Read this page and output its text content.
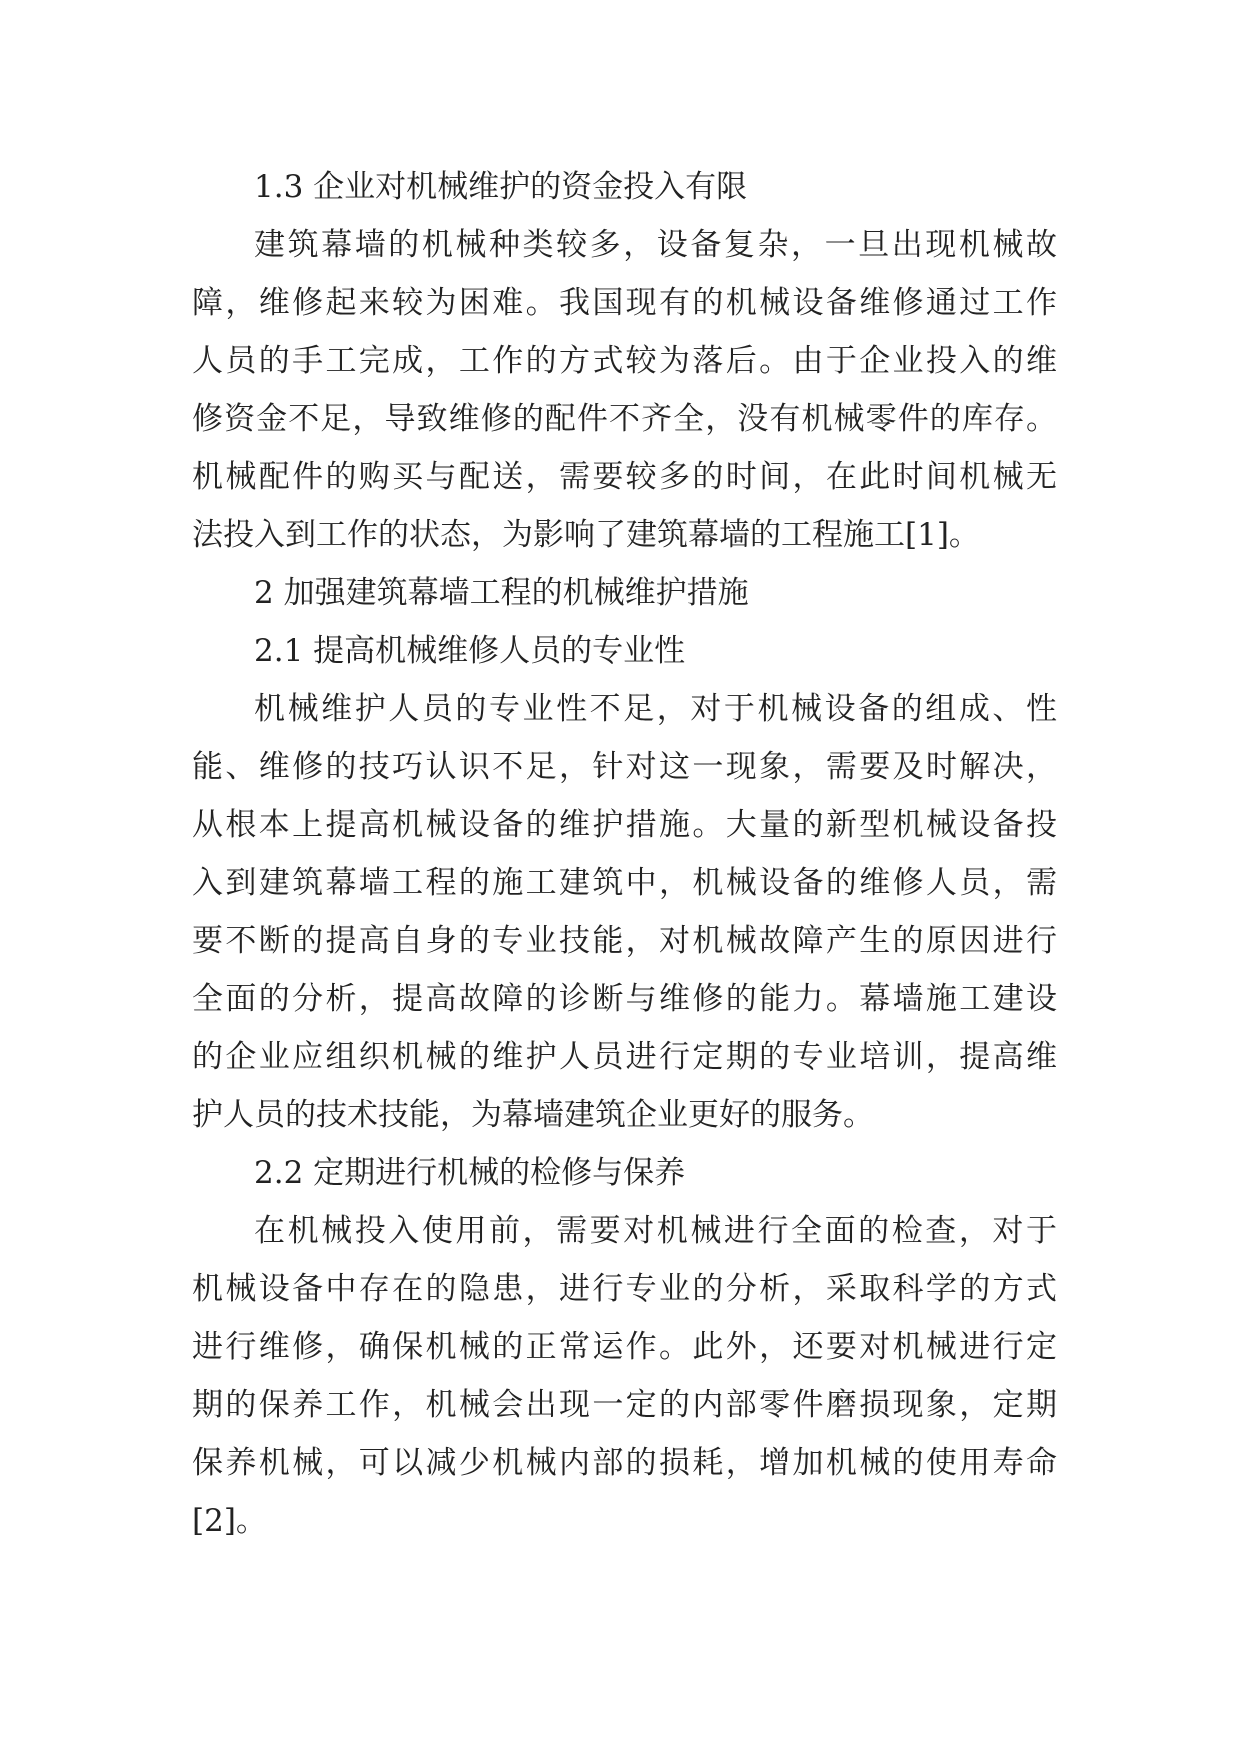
1.3 企业对机械维护的资金投入有限
建筑幕墙的机械种类较多，设备复杂，一旦出现机械故
障，维修起来较为困难。我国现有的机械设备维修通过工作
人员的手工完成，工作的方式较为落后。由于企业投入的维
修资金不足，导致维修的配件不齐全，没有机械零件的库存。
机械配件的购买与配送，需要较多的时间，在此时间机械无
法投入到工作的状态，为影响了建筑幕墙的工程施工[1]。
2 加强建筑幕墙工程的机械维护措施
2.1 提高机械维修人员的专业性
机械维护人员的专业性不足，对于机械设备的组成、性
能、维修的技巧认识不足，针对这一现象，需要及时解决，
从根本上提高机械设备的维护措施。大量的新型机械设备投
入到建筑幕墙工程的施工建筑中，机械设备的维修人员，需
要不断的提高自身的专业技能，对机械故障产生的原因进行
全面的分析，提高故障的诊断与维修的能力。幕墙施工建设
的企业应组织机械的维护人员进行定期的专业培训，提高维
护人员的技术技能，为幕墙建筑企业更好的服务。
2.2 定期进行机械的检修与保养
在机械投入使用前，需要对机械进行全面的检查，对于
机械设备中存在的隐患，进行专业的分析，采取科学的方式
进行维修，确保机械的正常运作。此外，还要对机械进行定
期的保养工作，机械会出现一定的内部零件磨损现象，定期
保养机械，可以减少机械内部的损耗，增加机械的使用寿命
[2]。
